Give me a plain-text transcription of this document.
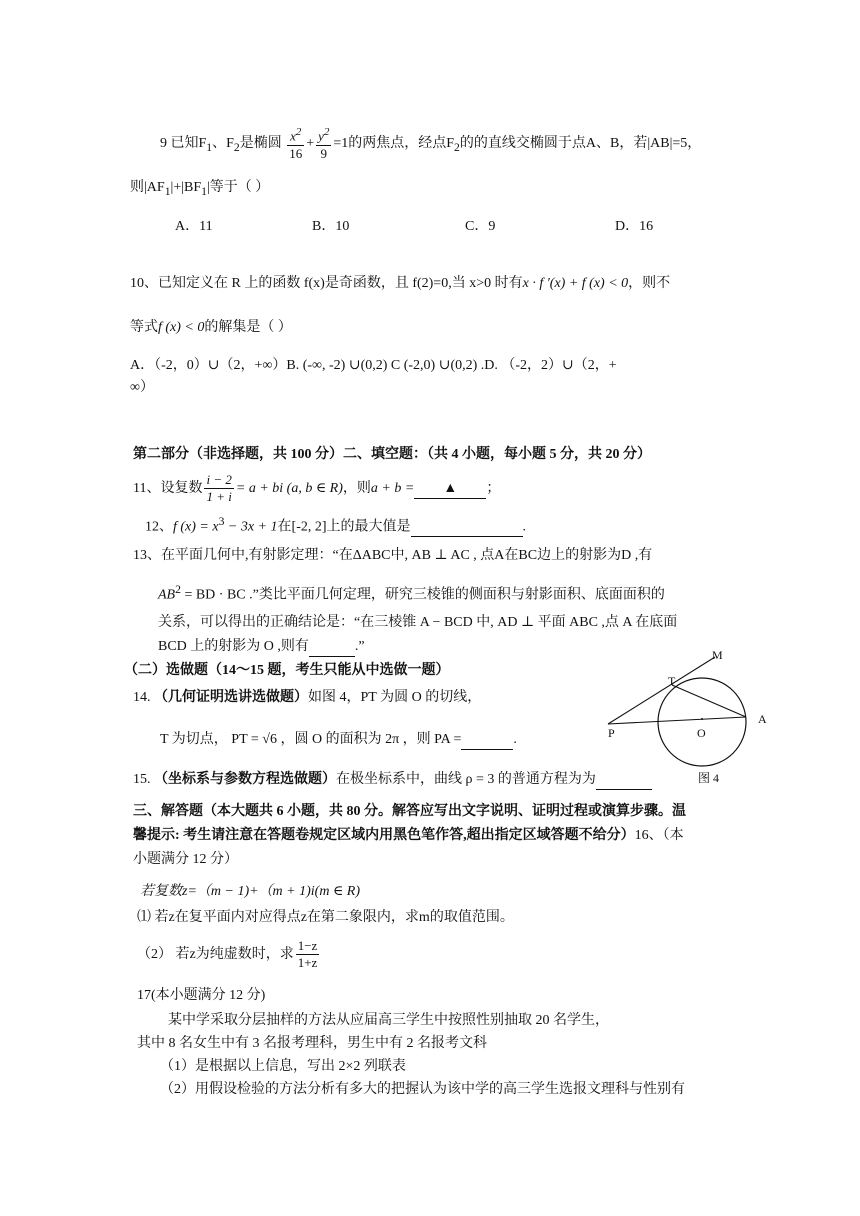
9 已知$F_1$、$F_2$是椭圆 $\frac{x^2}{16} + \frac{y^2}{9} =1$的两焦点，经点$F_2$的的直线交椭圆于点A、B，若|AB|=5，
则$|AF_1|+|BF_1|$等于（ ）
A．11	B．10	C．9	D．16
10、已知定义在 R 上的函数 f(x)是奇函数，且 f(2)=0,当 x>0 时有x · f ′(x) + f (x) < 0，则不
等式f (x) < 0的解集是（ ）
A．（-2，0）∪（2，+∞）B. (-∞, -2) ∪(0,2) C (-2,0) ∪(0,2) .D. （-2，2）∪（2，+
∞）
第二部分（非选择题，共 100 分）二、填空题：（共 4 小题，每小题 5 分，共 20 分）
11、设复数 $\frac{i - 2}{1 + i} = a$ + bi (a, b ∈ R)，则a + b = ▲ ；
12、f $(x) = x^3 - 3x + 1$在[-2, 2]上的最大值是	.
13、在平面几何中,有射影定理：“在ΔABC中, AB ⊥ AC , 点A在BC边上的射影为D ,有
$AB^2$ = BD · BC .”类比平面几何定理，研究三棱锥的侧面积与射影面积、底面面积的
关系，可以得出的正确结论是：“在三棱锥 A − BCD 中, AD ⊥ 平面 ABC ,点 A 在底面
BCD 上的射影为 O ,则有	.”
（二）选做题（14～15 题，考生只能从中选做一题）
14. （几何证明选讲选做题）如图 4，PT 为圆 O 的切线，
T 为切点， PT = √6 ，圆 O 的面积为 2π ，则 PA =	.
M
T
P	O
A
图 4
15. （坐标系与参数方程选做题）在极坐标系中，曲线 ρ = 3 的普通方程为为
三、解答题（本大题共 6 小题，共 80 分。解答应写出文字说明、证明过程或演算步骤。温
馨提示: 考生请注意在答题卷规定区域内用黑色笔作答,超出指定区域答题不给分）16、（本
小题满分 12 分）
若复数z=（m − 1)+（m + 1)i(m ∈ R)
⑴ 若z在复平面内对应得点z在第二象限内，求m的取值范围。
（2） 若z为纯虚数时，求 $\frac{1-z}{1+z}$
17(本小题满分 12 分)
某中学采取分层抽样的方法从应届高三学生中按照性别抽取 20 名学生，
其中 8 名女生中有 3 名报考理科，男生中有 2 名报考文科
（1）是根据以上信息，写出 2×2 列联表
（2）用假设检验的方法分析有多大的把握认为该中学的高三学生选报文理科与性别有
